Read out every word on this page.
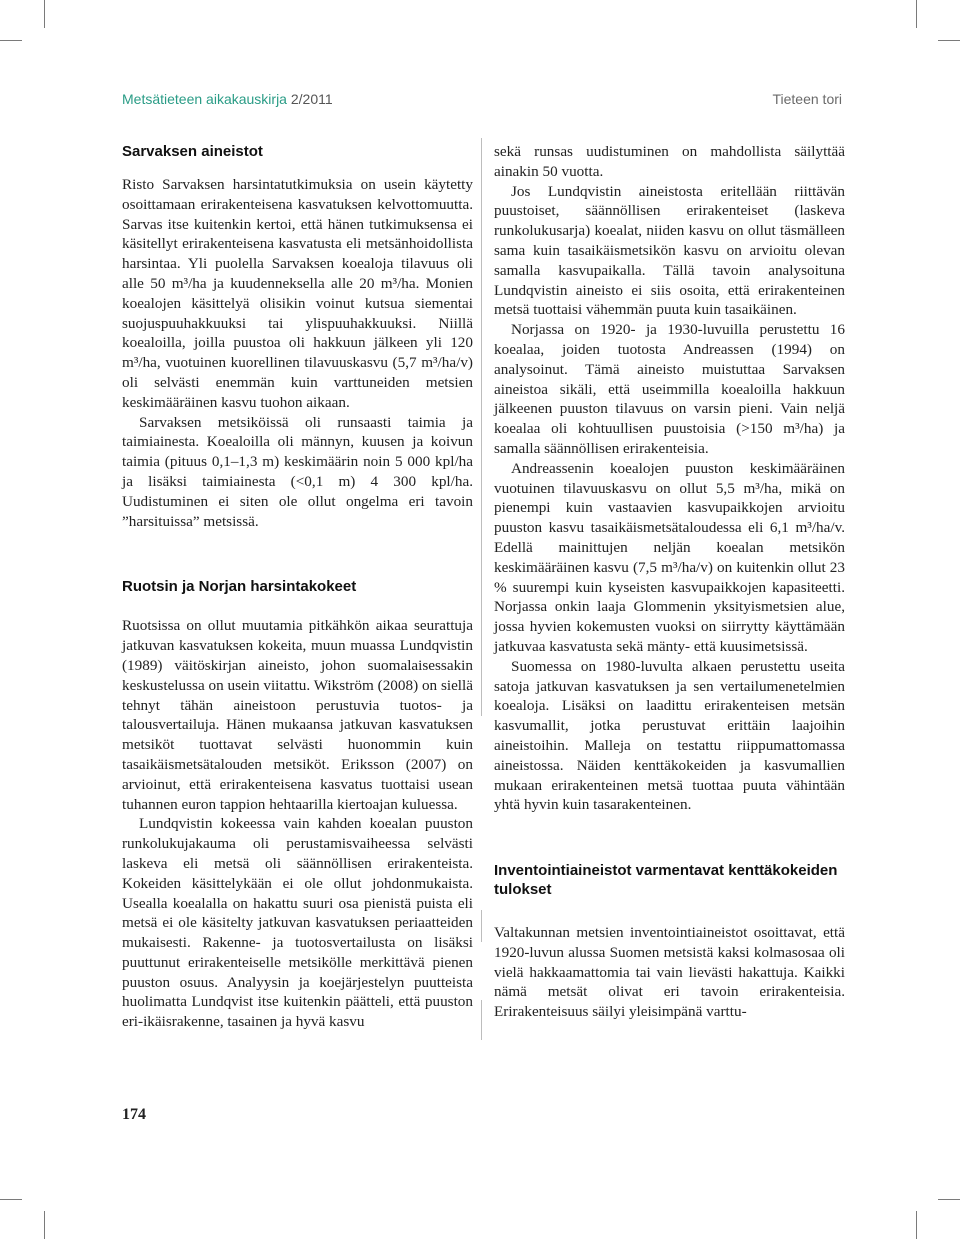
Metsätieteen aikakauskirja 2/2011	Tieteen tori
Sarvaksen aineistot

Risto Sarvaksen harsintatutkimuksia on usein käytetty osoittamaan erirakenteisena kasvatuksen kelvottomuutta. Sarvas itse kuitenkin kertoi, että hänen tutkimuksensa ei käsitellyt erirakenteisena kasvatusta eli metsänhoidollista harsintaa. Yli puolella Sarvaksen koealoja tilavuus oli alle 50 m³/ha ja kuudenneksella alle 20 m³/ha. Monien koealojen käsittelyä olisikin voinut kutsua siementai suojuspuuhakkuuksi tai ylispuuhakkuuksi. Niillä koealoilla, joilla puustoa oli hakkuun jälkeen yli 120 m³/ha, vuotuinen kuorellinen tilavuuskasvu (5,7 m³/ha/v) oli selvästi enemmän kuin varttuneiden metsien keskimääräinen kasvu tuohon aikaan.

Sarvaksen metsiköissä oli runsaasti taimia ja taimiainesta. Koealoilla oli männyn, kuusen ja koivun taimia (pituus 0,1–1,3 m) keskimäärin noin 5 000 kpl/ha ja lisäksi taimiainesta (<0,1 m) 4 300 kpl/ha. Uudistuminen ei siten ole ollut ongelma eri tavoin ”harsituissa” metsissä.

Ruotsin ja Norjan harsintakokeet

Ruotsissa on ollut muutamia pitkähkön aikaa seurattuja jatkuvan kasvatuksen kokeita, muun muassa Lundqvistin (1989) väitöskirjan aineisto, johon suomalaisessakin keskustelussa on usein viitattu. Wikström (2008) on siellä tehnyt tähän aineistoon perustuvia tuotos- ja talousvertailuja. Hänen mukaansa jatkuvan kasvatuksen metsiköt tuottavat selvästi huonommin kuin tasaikäismetsätalouden metsiköt. Eriksson (2007) on arvioinut, että erirakenteisena kasvatus tuottaisi usean tuhannen euron tappion hehtaarilla kiertoajan kuluessa.

Lundqvistin kokeessa vain kahden koealan puuston runkolukujakauma oli perustamisvaiheessa selvästi laskeva eli metsä oli säännöllisen erirakenteista. Kokeiden käsittelykään ei ole ollut johdonmukaista. Usealla koealalla on hakattu suuri osa pienistä puista eli metsä ei ole käsitelty jatkuvan kasvatuksen periaatteiden mukaisesti. Rakenne- ja tuotosvertailusta on lisäksi puuttunut erirakenteiselle metsikölle merkittävä pienen puuston osuus. Analyysin ja koejärjestelyn puutteista huolimatta Lundqvist itse kuitenkin päätteli, että puuston eri-ikäisrakenne, tasainen ja hyvä kasvu

sekä runsas uudistuminen on mahdollista säilyttää ainakin 50 vuotta.

Jos Lundqvistin aineistosta eritellään riittävän puustoiset, säännöllisen erirakenteiset (laskeva runkolukusarja) koealat, niiden kasvu on ollut täsmälleen sama kuin tasaikäismetsikön kasvu on arvioitu olevan samalla kasvupaikalla. Tällä tavoin analysoituna Lundqvistin aineisto ei siis osoita, että erirakenteinen metsä tuottaisi vähemmän puuta kuin tasaikäinen.

Norjassa on 1920- ja 1930-luvuilla perustettu 16 koealaa, joiden tuotosta Andreassen (1994) on analysoinut. Tämä aineisto muistuttaa Sarvaksen aineistoa sikäli, että useimmilla koealoilla hakkuun jälkeenen puuston tilavuus on varsin pieni. Vain neljä koealaa oli kohtuullisen puustoisia (>150 m³/ha) ja samalla säännöllisen erirakenteisia.

Andreassenin koealojen puuston keskimääräinen vuotuinen tilavuuskasvu on ollut 5,5 m³/ha, mikä on pienempi kuin vastaavien kasvupaikkojen arvioitu puuston kasvu tasaikäismetsätaloudessa eli 6,1 m³/ha/v. Edellä mainittujen neljän koealan metsikön keskimääräinen kasvu (7,5 m³/ha/v) on kuitenkin ollut 23 % suurempi kuin kyseisten kasvupaikkojen kapasiteetti. Norjassa onkin laaja Glommenin yksityismetsien alue, jossa hyvien kokemusten vuoksi on siirrytty käyttämään jatkuvaa kasvatusta sekä mänty- että kuusimetsissä.

Suomessa on 1980-luvulta alkaen perustettu useita satoja jatkuvan kasvatuksen ja sen vertailumenetelmien koealoja. Lisäksi on laadittu erirakenteisen metsän kasvumallit, jotka perustuvat erittäin laajoihin aineistoihin. Malleja on testattu riippumattomassa aineistossa. Näiden kenttäkokeiden ja kasvumallien mukaan erirakenteinen metsä tuottaa puuta vähintään yhtä hyvin kuin tasarakenteinen.

Inventointiaineistot varmentavat kenttäkokeiden tulokset

Valtakunnan metsien inventointiaineistot osoittavat, että 1920-luvun alussa Suomen metsistä kaksi kolmasosaa oli vielä hakkaamattomia tai vain lievästi hakattuja. Kaikki nämä metsät olivat eri tavoin erirakenteisia. Erirakenteisuus säilyi yleisimpänä varttu-

174
